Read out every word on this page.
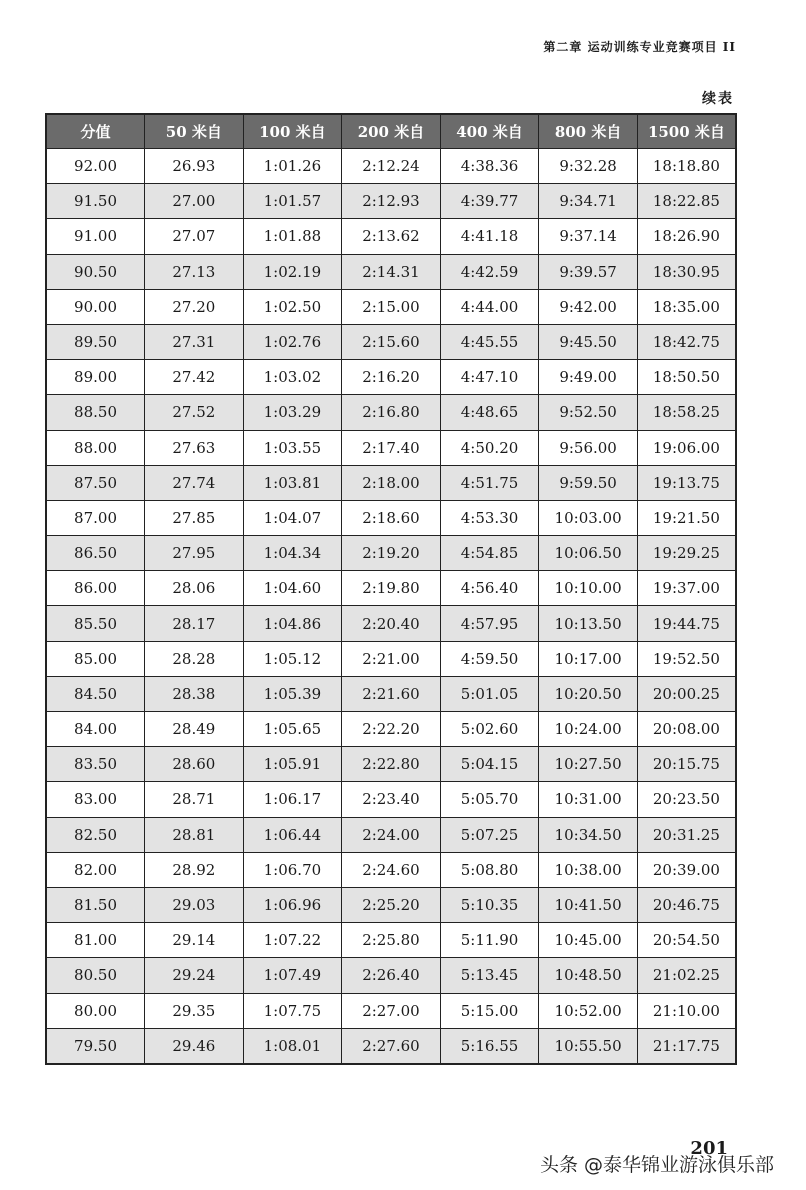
第二章 运动训练专业竞赛项目 II
续表
分值	50 米自	100 米自	200 米自	400 米自	800 米自	1500 米自
92.00	26.93	1:01.26	2:12.24	4:38.36	9:32.28	18:18.80
91.50	27.00	1:01.57	2:12.93	4:39.77	9:34.71	18:22.85
91.00	27.07	1:01.88	2:13.62	4:41.18	9:37.14	18:26.90
90.50	27.13	1:02.19	2:14.31	4:42.59	9:39.57	18:30.95
90.00	27.20	1:02.50	2:15.00	4:44.00	9:42.00	18:35.00
89.50	27.31	1:02.76	2:15.60	4:45.55	9:45.50	18:42.75
89.00	27.42	1:03.02	2:16.20	4:47.10	9:49.00	18:50.50
88.50	27.52	1:03.29	2:16.80	4:48.65	9:52.50	18:58.25
88.00	27.63	1:03.55	2:17.40	4:50.20	9:56.00	19:06.00
87.50	27.74	1:03.81	2:18.00	4:51.75	9:59.50	19:13.75
87.00	27.85	1:04.07	2:18.60	4:53.30	10:03.00	19:21.50
86.50	27.95	1:04.34	2:19.20	4:54.85	10:06.50	19:29.25
86.00	28.06	1:04.60	2:19.80	4:56.40	10:10.00	19:37.00
85.50	28.17	1:04.86	2:20.40	4:57.95	10:13.50	19:44.75
85.00	28.28	1:05.12	2:21.00	4:59.50	10:17.00	19:52.50
84.50	28.38	1:05.39	2:21.60	5:01.05	10:20.50	20:00.25
84.00	28.49	1:05.65	2:22.20	5:02.60	10:24.00	20:08.00
83.50	28.60	1:05.91	2:22.80	5:04.15	10:27.50	20:15.75
83.00	28.71	1:06.17	2:23.40	5:05.70	10:31.00	20:23.50
82.50	28.81	1:06.44	2:24.00	5:07.25	10:34.50	20:31.25
82.00	28.92	1:06.70	2:24.60	5:08.80	10:38.00	20:39.00
81.50	29.03	1:06.96	2:25.20	5:10.35	10:41.50	20:46.75
81.00	29.14	1:07.22	2:25.80	5:11.90	10:45.00	20:54.50
80.50	29.24	1:07.49	2:26.40	5:13.45	10:48.50	21:02.25
80.00	29.35	1:07.75	2:27.00	5:15.00	10:52.00	21:10.00
79.50	29.46	1:08.01	2:27.60	5:16.55	10:55.50	21:17.75
201
头条 @泰华锦业游泳俱乐部
